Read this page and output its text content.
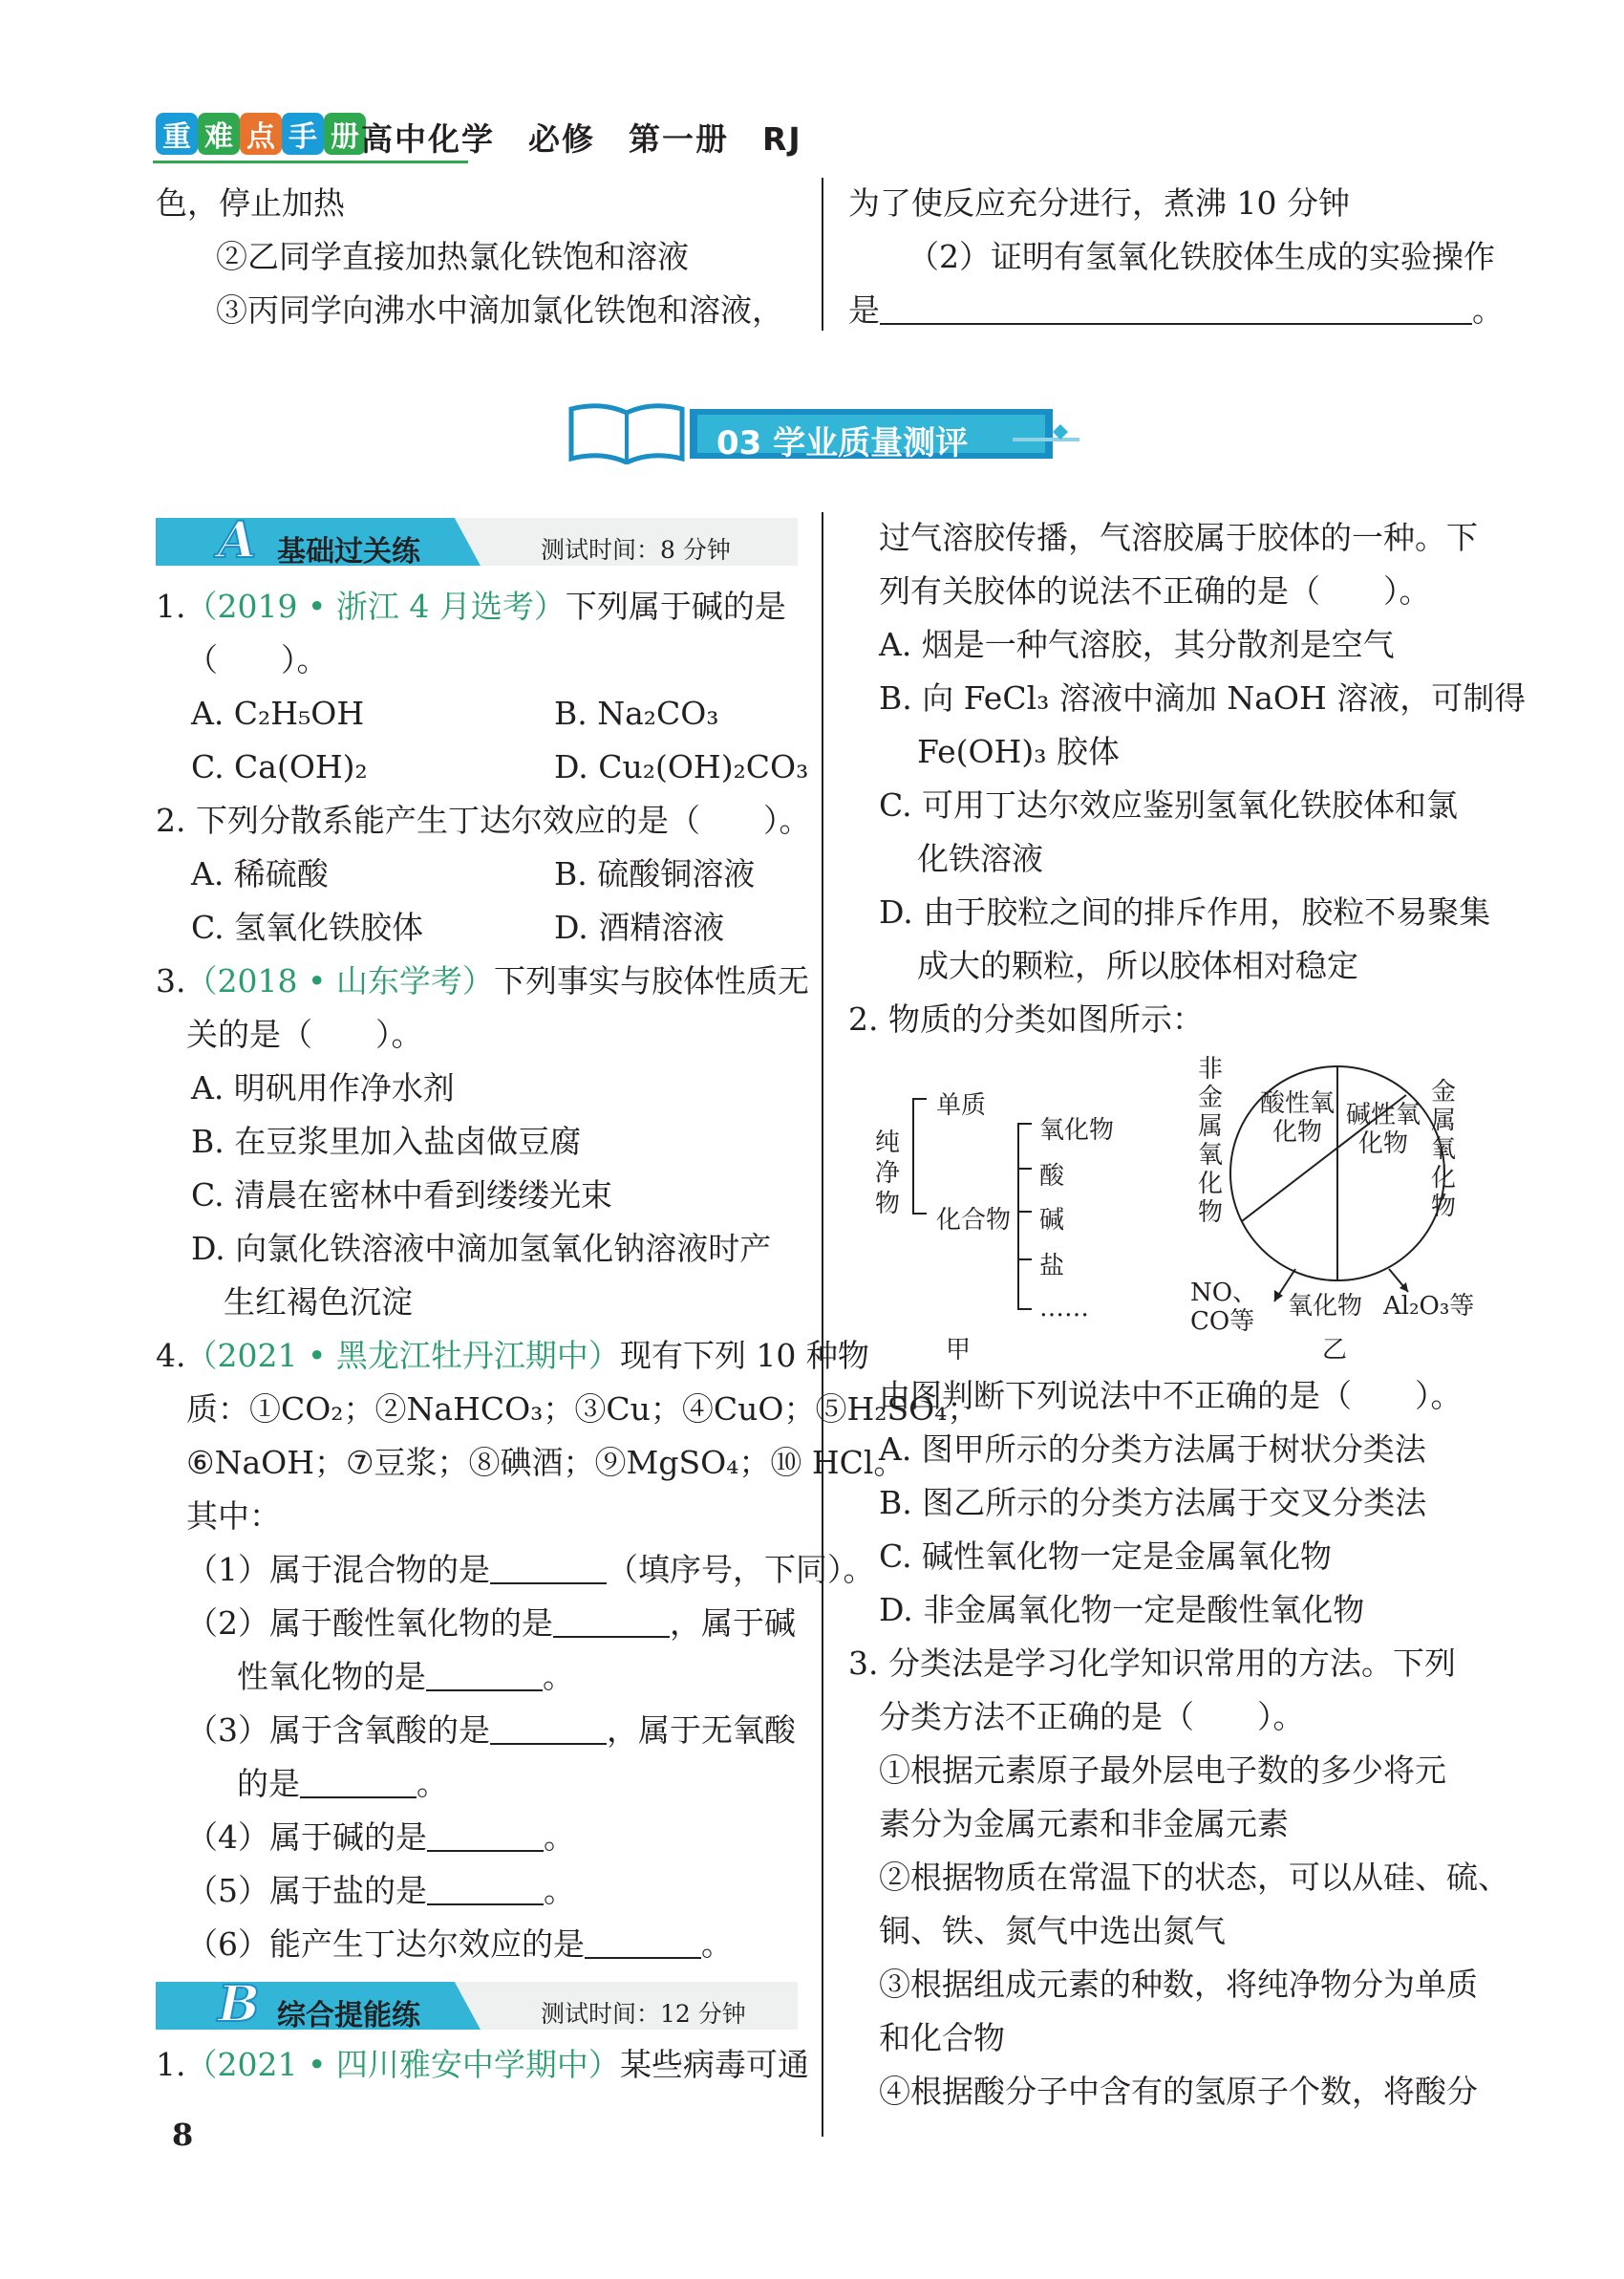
重 难 点 手 册 高中化学　必修　第一册　RJ
色，停止加热
②乙同学直接加热氯化铁饱和溶液
③丙同学向沸水中滴加氯化铁饱和溶液，
为了使反应充分进行，煮沸 10 分钟
（2）证明有氢氧化铁胶体生成的实验操作
是	。
03 学业质量测评
A 基础过关练	测试时间：8 分钟
1.（2019 • 浙江 4 月选考）下列属于碱的是
（　　）。
A. C₂H₅OH	B. Na₂CO₃
C. Ca(OH)₂	D. Cu₂(OH)₂CO₃
2. 下列分散系能产生丁达尔效应的是（　　）。
A. 稀硫酸	B. 硫酸铜溶液
C. 氢氧化铁胶体	D. 酒精溶液
3.（2018 • 山东学考）下列事实与胶体性质无
关的是（　　）。
A. 明矾用作净水剂
B. 在豆浆里加入盐卤做豆腐
C. 清晨在密林中看到缕缕光束
D. 向氯化铁溶液中滴加氢氧化钠溶液时产
生红褐色沉淀
4.（2021 • 黑龙江牡丹江期中）现有下列 10 种物
质：①CO₂；②NaHCO₃；③Cu；④CuO；⑤H₂SO₄；
⑥NaOH；⑦豆浆；⑧碘酒；⑨MgSO₄；⑩ HCl。
其中：
（1）属于混合物的是	（填序号，下同）。
（2）属于酸性氧化物的是	，属于碱
性氧化物的是	。
（3）属于含氧酸的是	，属于无氧酸
的是	。
（4）属于碱的是	。
（5）属于盐的是	。
（6）能产生丁达尔效应的是	。
B 综合提能练	测试时间：12 分钟
1.（2021 • 四川雅安中学期中）某些病毒可通
8
过气溶胶传播，气溶胶属于胶体的一种。下
列有关胶体的说法不正确的是（　　）。
A. 烟是一种气溶胶，其分散剂是空气
B. 向 FeCl₃ 溶液中滴加 NaOH 溶液，可制得
Fe(OH)₃ 胶体
C. 可用丁达尔效应鉴别氢氧化铁胶体和氯
化铁溶液
D. 由于胶粒之间的排斥作用，胶粒不易聚集
成大的颗粒，所以胶体相对稳定
2. 物质的分类如图所示：
纯净物
单质
化合物
氧化物
酸
碱
盐
……
甲
非金属氧化物
金属氧化物
酸性氧化物
碱性氧化物
NO、
CO等
氧化物 Al₂O₃等
乙
由图判断下列说法中不正确的是（　　）。
A. 图甲所示的分类方法属于树状分类法
B. 图乙所示的分类方法属于交叉分类法
C. 碱性氧化物一定是金属氧化物
D. 非金属氧化物一定是酸性氧化物
3. 分类法是学习化学知识常用的方法。下列
分类方法不正确的是（　　）。
①根据元素原子最外层电子数的多少将元
素分为金属元素和非金属元素
②根据物质在常温下的状态，可以从硅、硫、
铜、铁、氮气中选出氮气
③根据组成元素的种数，将纯净物分为单质
和化合物
④根据酸分子中含有的氢原子个数，将酸分
